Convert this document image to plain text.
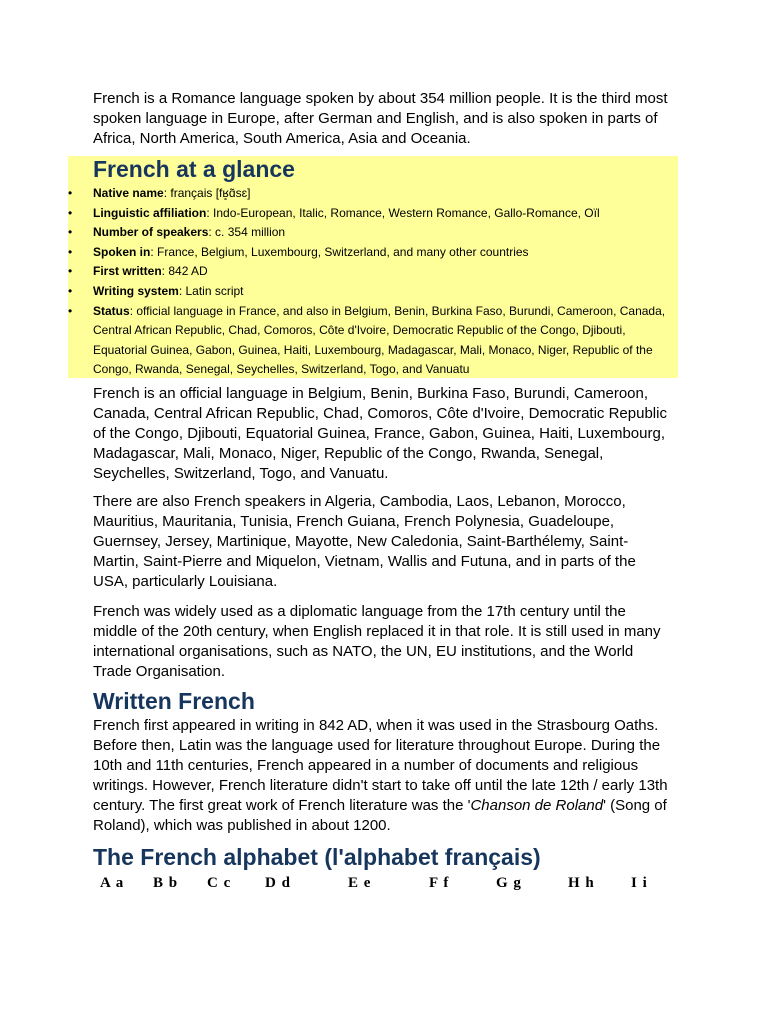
French is a Romance language spoken by about 354 million people. It is the third most spoken language in Europe, after German and English, and is also spoken in parts of Africa, North America, South America, Asia and Oceania.

French at a glance
• Native name: français [fʁ̥ɑ̃sɛ]
• Linguistic affiliation: Indo-European, Italic, Romance, Western Romance, Gallo-Romance, Oïl
• Number of speakers: c. 354 million
• Spoken in: France, Belgium, Luxembourg, Switzerland, and many other countries
• First written: 842 AD
• Writing system: Latin script
• Status: official language in France, and also in Belgium, Benin, Burkina Faso, Burundi, Cameroon, Canada, Central African Republic, Chad, Comoros, Côte d'Ivoire, Democratic Republic of the Congo, Djibouti, Equatorial Guinea, Gabon, Guinea, Haiti, Luxembourg, Madagascar, Mali, Monaco, Niger, Republic of the Congo, Rwanda, Senegal, Seychelles, Switzerland, Togo, and Vanuatu

French is an official language in Belgium, Benin, Burkina Faso, Burundi, Cameroon, Canada, Central African Republic, Chad, Comoros, Côte d'Ivoire, Democratic Republic of the Congo, Djibouti, Equatorial Guinea, France, Gabon, Guinea, Haiti, Luxembourg, Madagascar, Mali, Monaco, Niger, Republic of the Congo, Rwanda, Senegal, Seychelles, Switzerland, Togo, and Vanuatu.

There are also French speakers in Algeria, Cambodia, Laos, Lebanon, Morocco, Mauritius, Mauritania, Tunisia, French Guiana, French Polynesia, Guadeloupe, Guernsey, Jersey, Martinique, Mayotte, New Caledonia, Saint-Barthélemy, Saint-Martin, Saint-Pierre and Miquelon, Vietnam, Wallis and Futuna, and in parts of the USA, particularly Louisiana.

French was widely used as a diplomatic language from the 17th century until the middle of the 20th century, when English replaced it in that role. It is still used in many international organisations, such as NATO, the UN, EU institutions, and the World Trade Organisation.

Written French

French first appeared in writing in 842 AD, when it was used in the Strasbourg Oaths. Before then, Latin was the language used for literature throughout Europe. During the 10th and 11th centuries, French appeared in a number of documents and religious writings. However, French literature didn't start to take off until the late 12th / early 13th century. The first great work of French literature was the 'Chanson de Roland' (Song of Roland), which was published in about 1200.

The French alphabet (l'alphabet français)
A a B b C c D d	E e	F f	G g	H h I i
